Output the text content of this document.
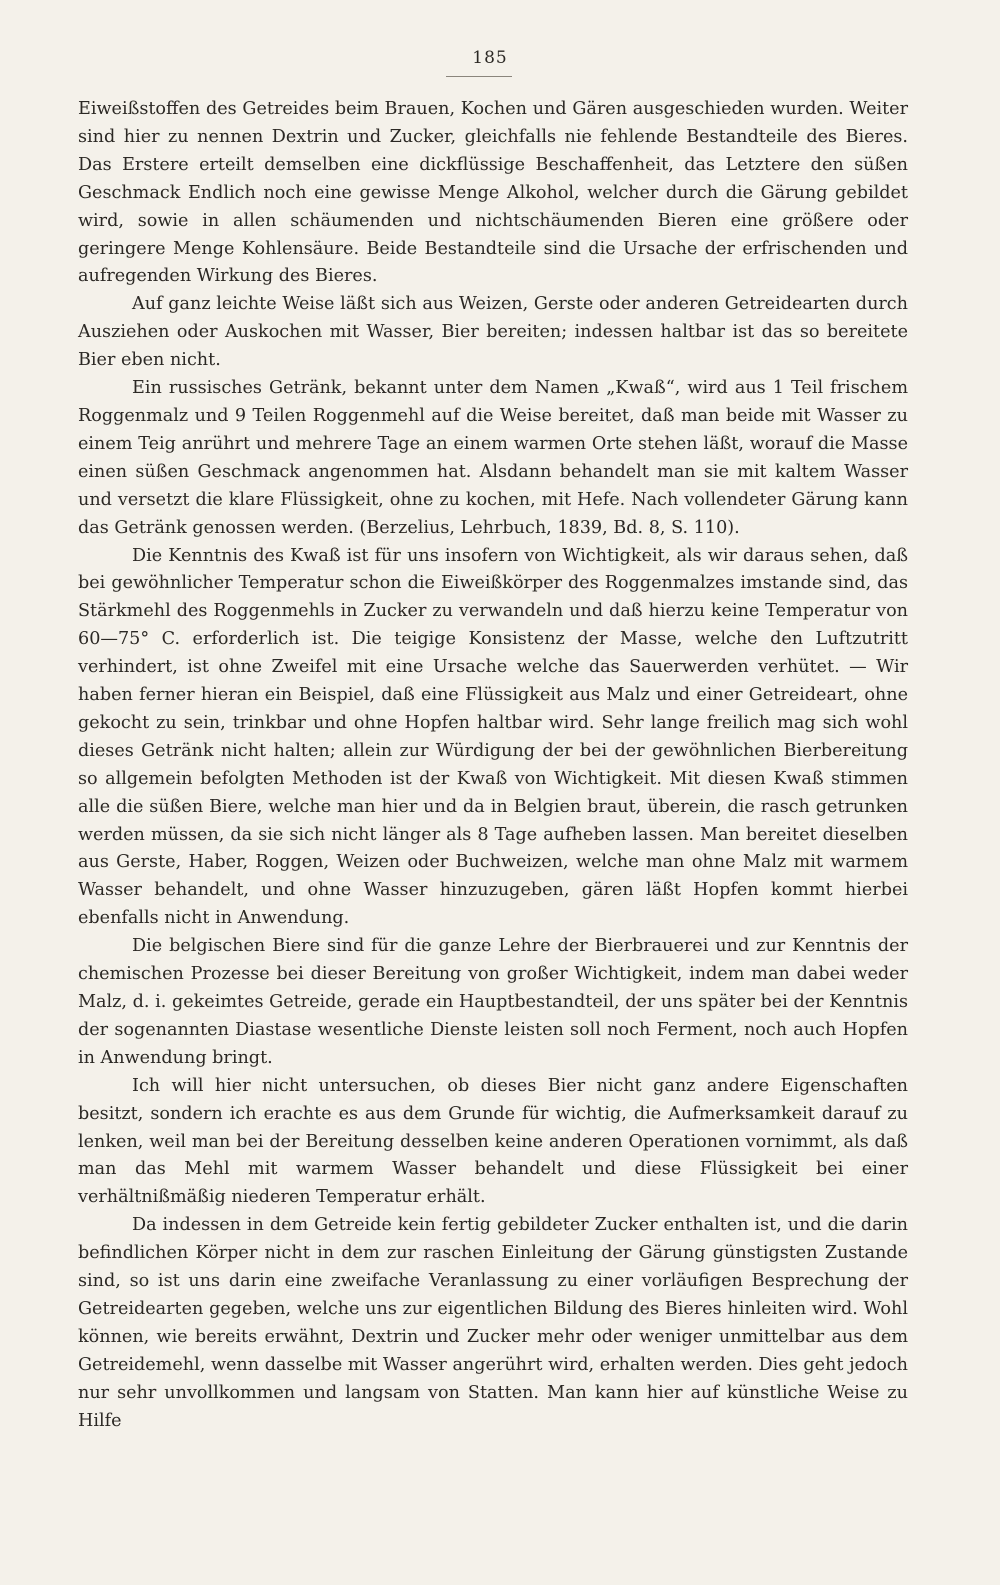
185

Eiweißstoffen des Getreides beim Brauen, Kochen und Gären ausgeschieden wurden. Weiter sind hier zu nennen Dextrin und Zucker, gleichfalls nie fehlende Bestandteile des Bieres. Das Erstere erteilt demselben eine dickflüssige Beschaffenheit, das Letztere den süßen Geschmack Endlich noch eine gewisse Menge Alkohol, welcher durch die Gärung gebildet wird, sowie in allen schäumenden und nichtschäumenden Bieren eine größere oder geringere Menge Kohlensäure. Beide Bestandteile sind die Ursache der erfrischenden und aufregenden Wirkung des Bieres.

Auf ganz leichte Weise läßt sich aus Weizen, Gerste oder anderen Getreidearten durch Ausziehen oder Auskochen mit Wasser, Bier bereiten; indessen haltbar ist das so bereitete Bier eben nicht.

Ein russisches Getränk, bekannt unter dem Namen „Kwaß“, wird aus 1 Teil frischem Roggenmalz und 9 Teilen Roggenmehl auf die Weise bereitet, daß man beide mit Wasser zu einem Teig anrührt und mehrere Tage an einem warmen Orte stehen läßt, worauf die Masse einen süßen Geschmack angenommen hat. Alsdann behandelt man sie mit kaltem Wasser und versetzt die klare Flüssigkeit, ohne zu kochen, mit Hefe. Nach vollendeter Gärung kann das Getränk genossen werden. (Berzelius, Lehrbuch, 1839, Bd. 8, S. 110).

Die Kenntnis des Kwaß ist für uns insofern von Wichtigkeit, als wir daraus sehen, daß bei gewöhnlicher Temperatur schon die Eiweißkörper des Roggenmalzes imstande sind, das Stärkmehl des Roggenmehls in Zucker zu verwandeln und daß hierzu keine Temperatur von 60—75° C. erforderlich ist. Die teigige Konsistenz der Masse, welche den Luftzutritt verhindert, ist ohne Zweifel mit eine Ursache welche das Sauerwerden verhütet. — Wir haben ferner hieran ein Beispiel, daß eine Flüssigkeit aus Malz und einer Getreideart, ohne gekocht zu sein, trinkbar und ohne Hopfen haltbar wird. Sehr lange freilich mag sich wohl dieses Getränk nicht halten; allein zur Würdigung der bei der gewöhnlichen Bierbereitung so allgemein befolgten Methoden ist der Kwaß von Wichtigkeit. Mit diesen Kwaß stimmen alle die süßen Biere, welche man hier und da in Belgien braut, überein, die rasch getrunken werden müssen, da sie sich nicht länger als 8 Tage aufheben lassen. Man bereitet dieselben aus Gerste, Haber, Roggen, Weizen oder Buchweizen, welche man ohne Malz mit warmem Wasser behandelt, und ohne Wasser hinzuzugeben, gären läßt Hopfen kommt hierbei ebenfalls nicht in Anwendung.

Die belgischen Biere sind für die ganze Lehre der Bierbrauerei und zur Kenntnis der chemischen Prozesse bei dieser Bereitung von großer Wichtigkeit, indem man dabei weder Malz, d. i. gekeimtes Getreide, gerade ein Hauptbestandteil, der uns später bei der Kenntnis der sogenannten Diastase wesentliche Dienste leisten soll noch Ferment, noch auch Hopfen in Anwendung bringt.

Ich will hier nicht untersuchen, ob dieses Bier nicht ganz andere Eigenschaften besitzt, sondern ich erachte es aus dem Grunde für wichtig, die Aufmerksamkeit darauf zu lenken, weil man bei der Bereitung desselben keine anderen Operationen vornimmt, als daß man das Mehl mit warmem Wasser behandelt und diese Flüssigkeit bei einer verhältnißmäßig niederen Temperatur erhält.

Da indessen in dem Getreide kein fertig gebildeter Zucker enthalten ist, und die darin befindlichen Körper nicht in dem zur raschen Einleitung der Gärung günstigsten Zustande sind, so ist uns darin eine zweifache Veranlassung zu einer vorläufigen Besprechung der Getreidearten gegeben, welche uns zur eigentlichen Bildung des Bieres hinleiten wird. Wohl können, wie bereits erwähnt, Dextrin und Zucker mehr oder weniger unmittelbar aus dem Getreidemehl, wenn dasselbe mit Wasser angerührt wird, erhalten werden. Dies geht jedoch nur sehr unvollkommen und langsam von Statten. Man kann hier auf künstliche Weise zu Hilfe
